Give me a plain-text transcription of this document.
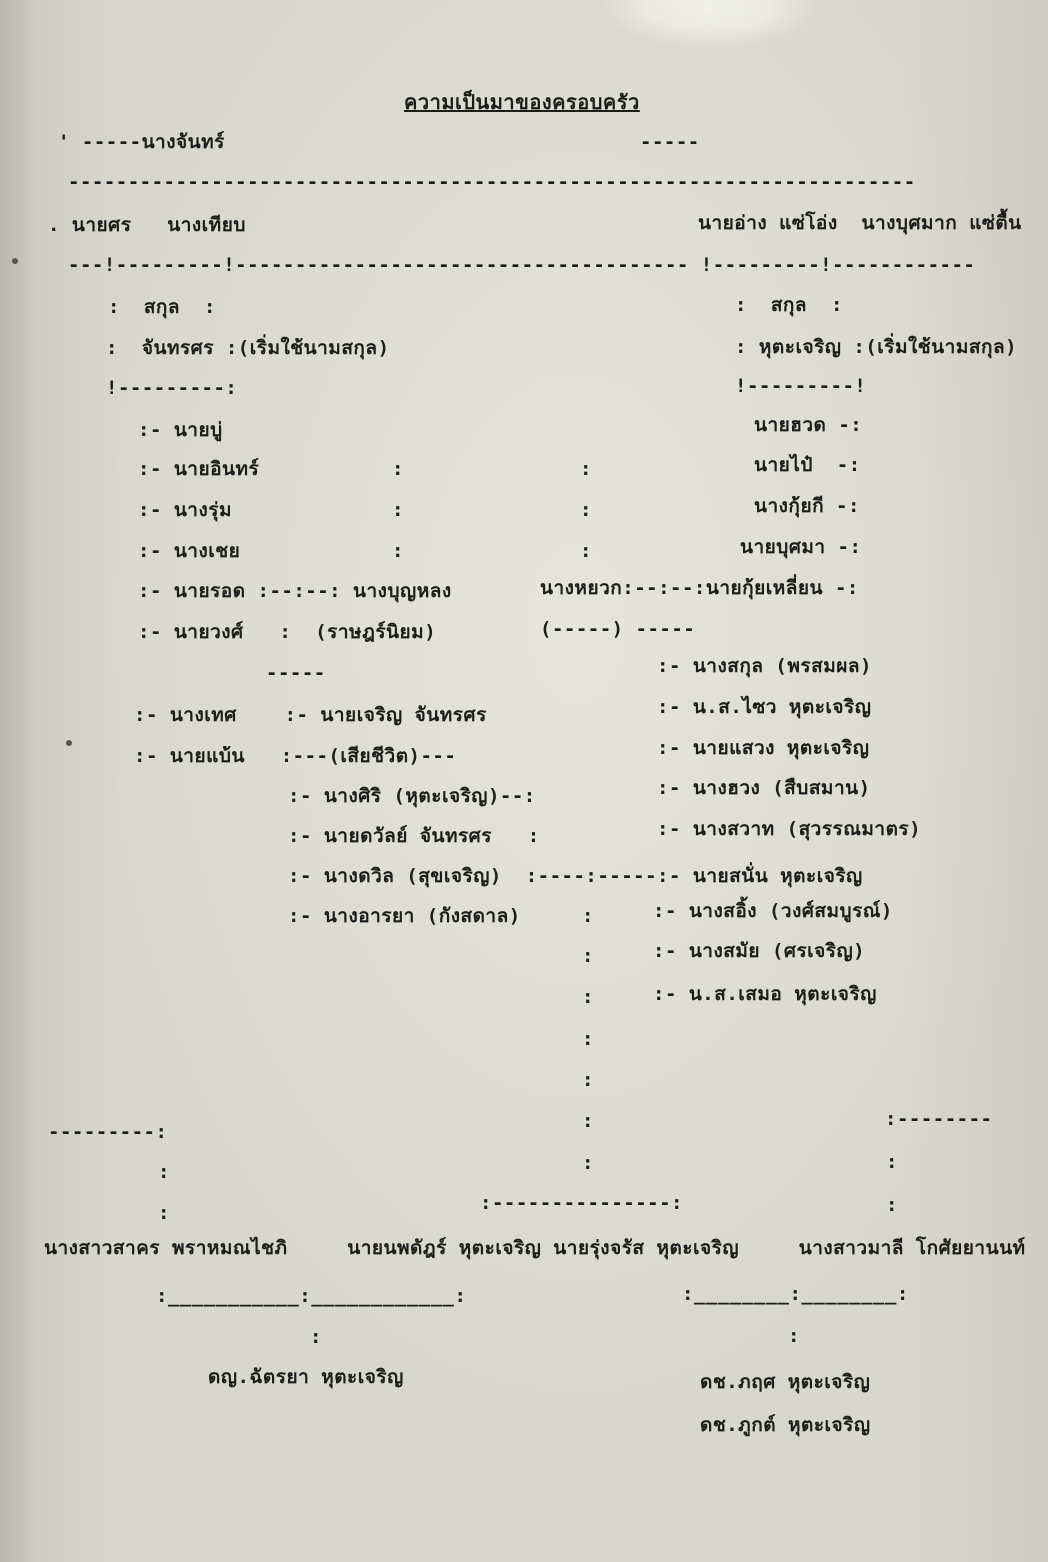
ความเป็นมาของครอบครัว
' -----นางจันทร์	-----
-----------------------------------------------------------------------
. นายศร   นางเทียบ	นายอ่าง แซ่โอ่ง  นางบุศมาก แซ่ตื้น
---!---------!-------------------------------------- !---------!------------
:  สกุล  :	:  สกุล  :
:  จันทรศร :(เริ่มใช้นามสกุล)	: หุตะเจริญ :(เริ่มใช้นามสกุล)
!---------:	!---------!
:- นายบู่	นายฮวด -:
:- นายอินทร์	:	:	นายไป๋  -:
:- นางรุ่ม	:	:	นางกุ้ยกี -:
:- นางเชย	:	:	นายบุศมา -:
:- นายรอด :--:--: นางบุญหลง	นางหยวก:--:--:นายกุ้ยเหลี่ยน -:
:- นายวงศ์   :  (ราษฎร์นิยม)	(-----) -----
-----	:- นางสกุล (พรสมผล)
:- นางเทศ    :- นายเจริญ จันทรศร	:- น.ส.ไซว หุตะเจริญ
:- นายแบ้น   :---(เสียชีวิต)---	:- นายแสวง หุตะเจริญ
:- นางศิริ (หุตะเจริญ)--:	:- นางฮวง (สืบสมาน)
:- นายดวัลย์ จันทรศร   :	:- นางสวาท (สุวรรณมาตร)
:- นางดวิล (สุขเจริญ)  :----:-----:- นายสนั่น หุตะเจริญ
:- นางอารยา (กังสดาล)	:	:- นางสอิ้ง (วงศ์สมบูรณ์)
:	:- นางสมัย (ศรเจริญ)
:	:- น.ส.เสมอ หุตะเจริญ
:
:
---------:	:	:--------
:	:	:
:	:---------------:	:
นางสาวสาคร พราหมณไชภิ     นายนพดัฎร์ หุตะเจริญ นายรุ่งจรัส หุตะเจริญ     นางสาวมาลี โกศัยยานนท์
:___________:____________:	:________:________:
:	:
ดญ.ฉัตรยา หุตะเจริญ	ดช.ภฤศ หุตะเจริญ
ดช.ภูกต์ หุตะเจริญ
